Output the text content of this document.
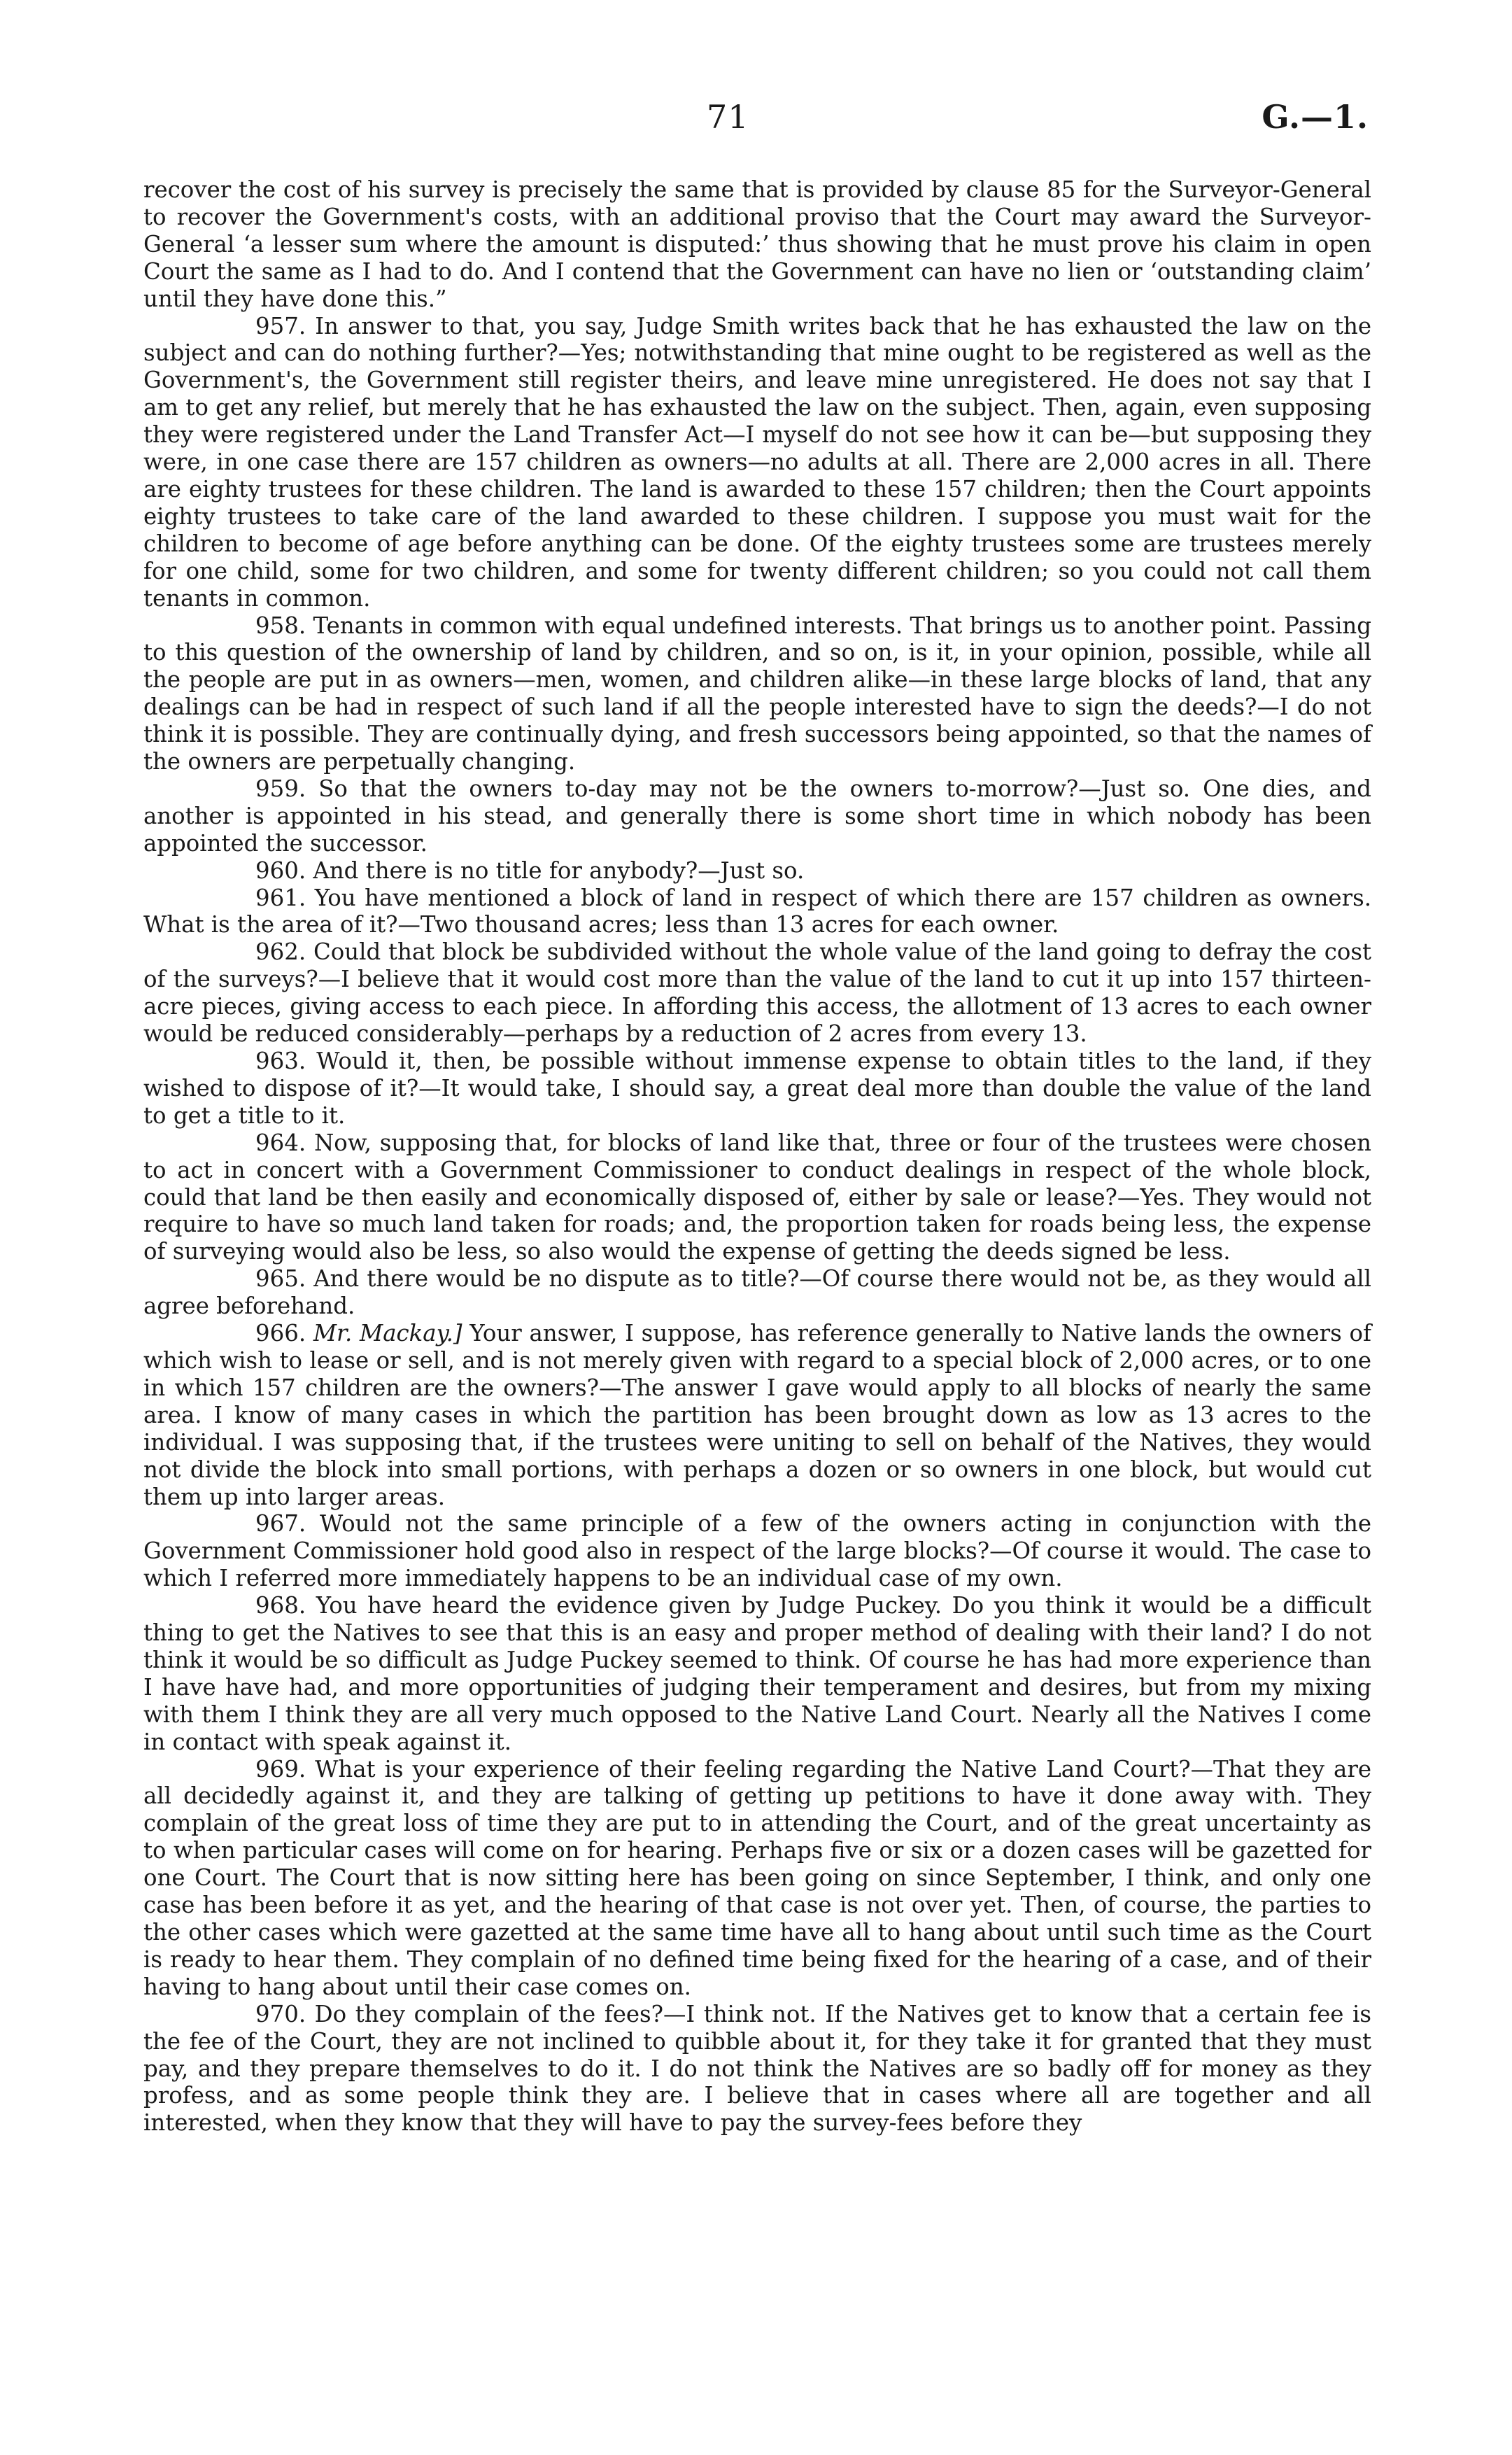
71	G.—1.

recover the cost of his survey is precisely the same that is provided by clause 85 for the Surveyor-General to recover the Government's costs, with an additional proviso that the Court may award the Surveyor-General ‘a lesser sum where the amount is disputed:’ thus showing that he must prove his claim in open Court the same as I had to do. And I contend that the Government can have no lien or ‘outstanding claim’ until they have done this.”

957. In answer to that, you say, Judge Smith writes back that he has exhausted the law on the subject and can do nothing further?—Yes; notwithstanding that mine ought to be registered as well as the Government's, the Government still register theirs, and leave mine unregistered. He does not say that I am to get any relief, but merely that he has exhausted the law on the subject. Then, again, even supposing they were registered under the Land Transfer Act—I myself do not see how it can be—but supposing they were, in one case there are 157 children as owners—no adults at all. There are 2,000 acres in all. There are eighty trustees for these children. The land is awarded to these 157 children; then the Court appoints eighty trustees to take care of the land awarded to these children. I suppose you must wait for the children to become of age before anything can be done. Of the eighty trustees some are trustees merely for one child, some for two children, and some for twenty different children; so you could not call them tenants in common.

958. Tenants in common with equal undefined interests. That brings us to another point. Passing to this question of the ownership of land by children, and so on, is it, in your opinion, possible, while all the people are put in as owners—men, women, and children alike—in these large blocks of land, that any dealings can be had in respect of such land if all the people interested have to sign the deeds?—I do not think it is possible. They are continually dying, and fresh successors being appointed, so that the names of the owners are perpetually changing.

959. So that the owners to-day may not be the owners to-morrow?—Just so. One dies, and another is appointed in his stead, and generally there is some short time in which nobody has been appointed the successor.

960. And there is no title for anybody?—Just so.

961. You have mentioned a block of land in respect of which there are 157 children as owners. What is the area of it?—Two thousand acres; less than 13 acres for each owner.

962. Could that block be subdivided without the whole value of the land going to defray the cost of the surveys?—I believe that it would cost more than the value of the land to cut it up into 157 thirteen-acre pieces, giving access to each piece. In affording this access, the allotment of 13 acres to each owner would be reduced considerably—perhaps by a reduction of 2 acres from every 13.

963. Would it, then, be possible without immense expense to obtain titles to the land, if they wished to dispose of it?—It would take, I should say, a great deal more than double the value of the land to get a title to it.

964. Now, supposing that, for blocks of land like that, three or four of the trustees were chosen to act in concert with a Government Commissioner to conduct dealings in respect of the whole block, could that land be then easily and economically disposed of, either by sale or lease?—Yes. They would not require to have so much land taken for roads; and, the proportion taken for roads being less, the expense of surveying would also be less, so also would the expense of getting the deeds signed be less.

965. And there would be no dispute as to title?—Of course there would not be, as they would all agree beforehand.

966. Mr. Mackay.] Your answer, I suppose, has reference generally to Native lands the owners of which wish to lease or sell, and is not merely given with regard to a special block of 2,000 acres, or to one in which 157 children are the owners?—The answer I gave would apply to all blocks of nearly the same area. I know of many cases in which the partition has been brought down as low as 13 acres to the individual. I was supposing that, if the trustees were uniting to sell on behalf of the Natives, they would not divide the block into small portions, with perhaps a dozen or so owners in one block, but would cut them up into larger areas.

967. Would not the same principle of a few of the owners acting in conjunction with the Government Commissioner hold good also in respect of the large blocks?—Of course it would. The case to which I referred more immediately happens to be an individual case of my own.

968. You have heard the evidence given by Judge Puckey. Do you think it would be a difficult thing to get the Natives to see that this is an easy and proper method of dealing with their land? I do not think it would be so difficult as Judge Puckey seemed to think. Of course he has had more experience than I have have had, and more opportunities of judging their temperament and desires, but from my mixing with them I think they are all very much opposed to the Native Land Court. Nearly all the Natives I come in contact with speak against it.

969. What is your experience of their feeling regarding the Native Land Court?—That they are all decidedly against it, and they are talking of getting up petitions to have it done away with. They complain of the great loss of time they are put to in attending the Court, and of the great uncertainty as to when particular cases will come on for hearing. Perhaps five or six or a dozen cases will be gazetted for one Court. The Court that is now sitting here has been going on since September, I think, and only one case has been before it as yet, and the hearing of that case is not over yet. Then, of course, the parties to the other cases which were gazetted at the same time have all to hang about until such time as the Court is ready to hear them. They complain of no defined time being fixed for the hearing of a case, and of their having to hang about until their case comes on.

970. Do they complain of the fees?—I think not. If the Natives get to know that a certain fee is the fee of the Court, they are not inclined to quibble about it, for they take it for granted that they must pay, and they prepare themselves to do it. I do not think the Natives are so badly off for money as they profess, and as some people think they are. I believe that in cases where all are together and all interested, when they know that they will have to pay the survey-fees before they
